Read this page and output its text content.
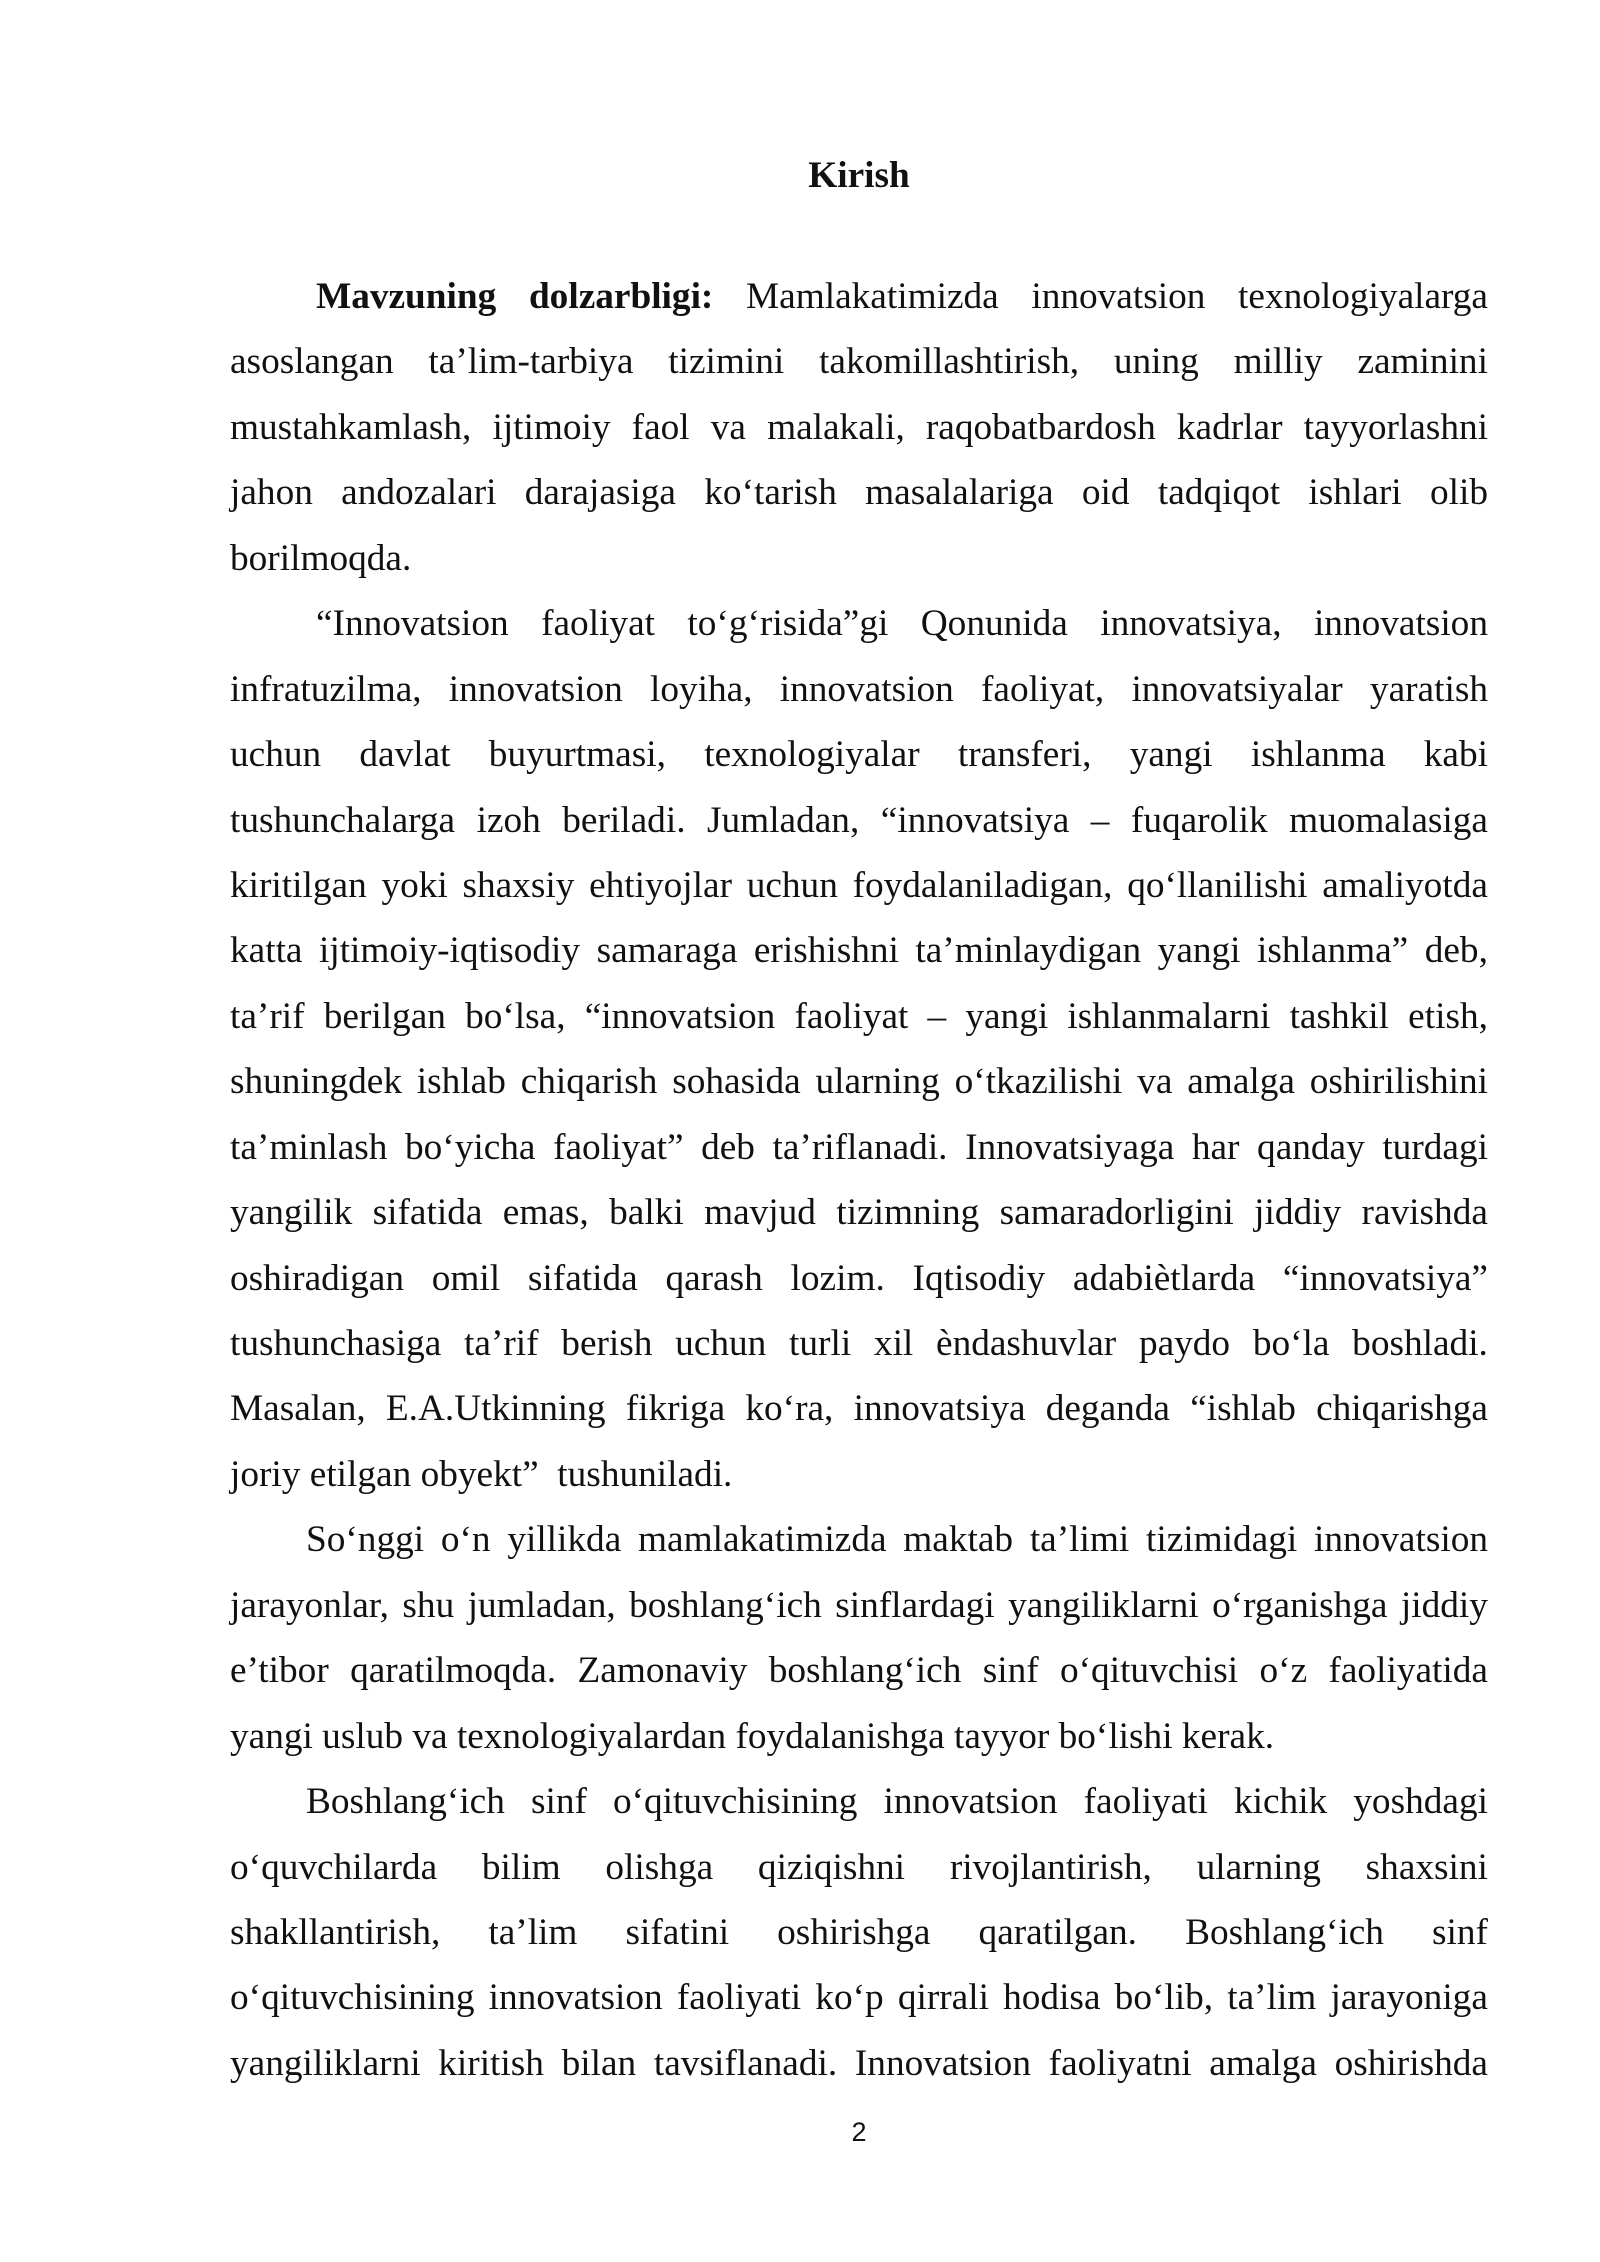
Kirish
Mavzuning dolzarbligi: Mamlakatimizda innovatsion texnologiyalarga
asoslangan ta’lim-tarbiya tizimini takomillashtirish, uning milliy zaminini
mustahkamlash, ijtimoiy faol va malakali, raqobatbardosh kadrlar tayyorlashni
jahon andozalari darajasiga ko‘tarish masalalariga oid tadqiqot ishlari olib
borilmoqda.
“Innovatsion faoliyat to‘g‘risida”gi Qonunida innovatsiya, innovatsion
infratuzilma, innovatsion loyiha, innovatsion faoliyat, innovatsiyalar yaratish
uchun davlat buyurtmasi, texnologiyalar transferi, yangi ishlanma kabi
tushunchalarga izoh beriladi. Jumladan, “innovatsiya – fuqarolik muomalasiga
kiritilgan yoki shaxsiy ehtiyojlar uchun foydalaniladigan, qo‘llanilishi amaliyotda
katta ijtimoiy-iqtisodiy samaraga erishishni ta’minlaydigan yangi ishlanma” deb,
ta’rif berilgan bo‘lsa, “innovatsion faoliyat – yangi ishlanmalarni tashkil etish,
shuningdek ishlab chiqarish sohasida ularning o‘tkazilishi va amalga oshirilishini
ta’minlash bo‘yicha faoliyat” deb ta’riflanadi. Innovatsiyaga har qanday turdagi
yangilik sifatida emas, balki mavjud tizimning samaradorligini jiddiy ravishda
oshiradigan omil sifatida qarash lozim. Iqtisodiy adabiètlarda “innovatsiya”
tushunchasiga ta’rif berish uchun turli xil èndashuvlar paydo bo‘la boshladi.
Masalan, E.A.Utkinning fikriga ko‘ra, innovatsiya deganda “ishlab chiqarishga
joriy etilgan obyekt”  tushuniladi.
So‘nggi o‘n yillikda mamlakatimizda maktab ta’limi tizimidagi innovatsion
jarayonlar, shu jumladan, boshlang‘ich sinflardagi yangiliklarni o‘rganishga jiddiy
e’tibor qaratilmoqda. Zamonaviy boshlang‘ich sinf o‘qituvchisi o‘z faoliyatida
yangi uslub va texnologiyalardan foydalanishga tayyor bo‘lishi kerak.
Boshlang‘ich sinf o‘qituvchisining innovatsion faoliyati kichik yoshdagi
o‘quvchilarda bilim olishga qiziqishni rivojlantirish, ularning shaxsini
shakllantirish, ta’lim sifatini oshirishga qaratilgan. Boshlang‘ich sinf
o‘qituvchisining innovatsion faoliyati ko‘p qirrali hodisa bo‘lib, ta’lim jarayoniga
yangiliklarni kiritish bilan tavsiflanadi. Innovatsion faoliyatni amalga oshirishda
2
